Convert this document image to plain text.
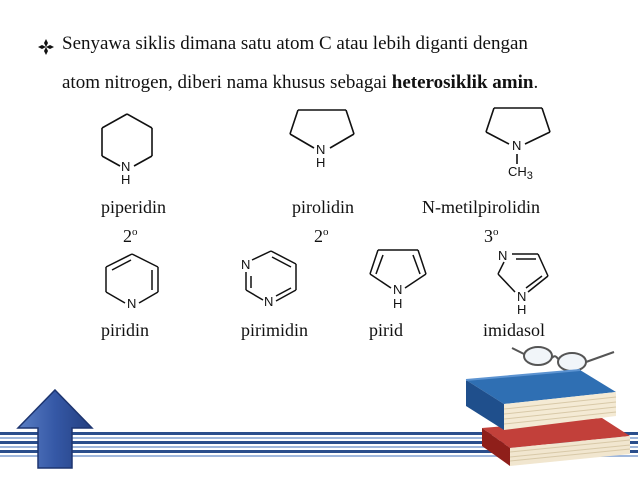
Senyawa siklis dimana satu atom C atau lebih diganti dengan
atom nitrogen, diberi nama khusus sebagai heterosiklik amin.
N
H
N
H
N
$CH_3$
piperidin	pirolidin	N-metilpirolidin
2$^o$	2$^o$	3$^o$
N
N
N
N
H
N
N
H
piridin	pirimidin	pirid	imidasol
fppt.com
